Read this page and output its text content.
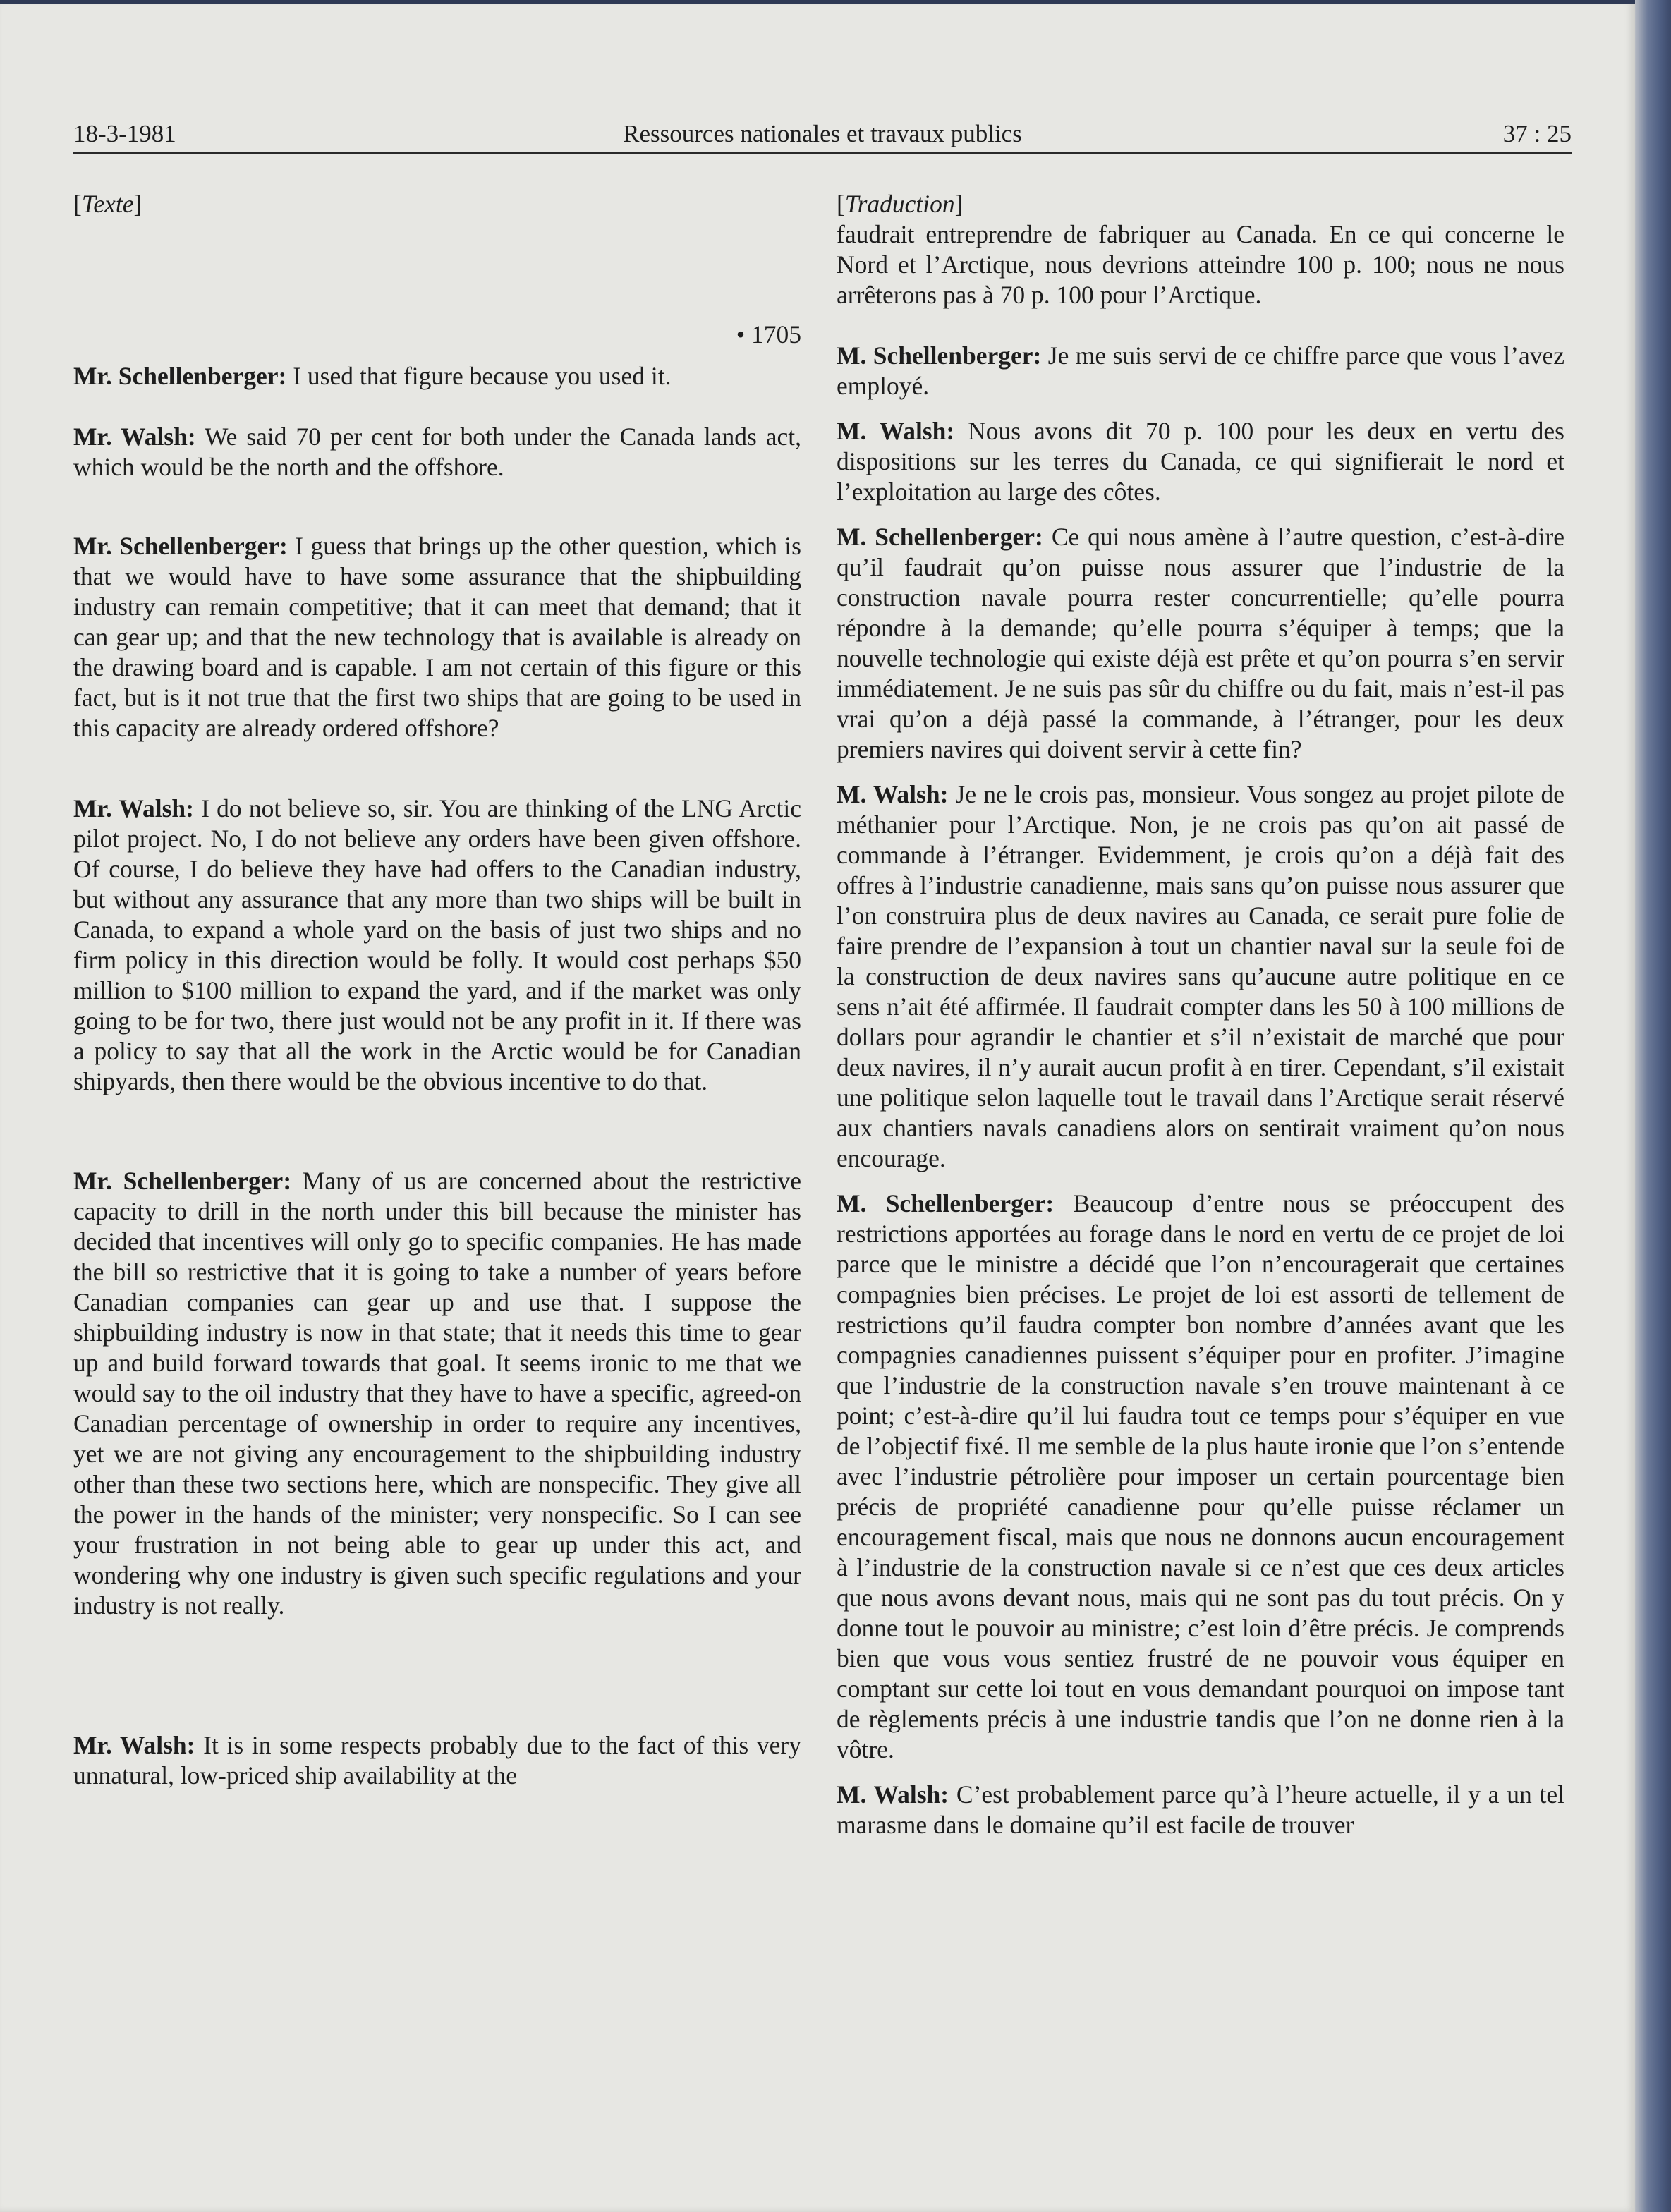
18-3-1981	Ressources nationales et travaux publics	37 : 25

[Texte]

• 1705

Mr. Schellenberger: I used that figure because you used it.

Mr. Walsh: We said 70 per cent for both under the Canada lands act, which would be the north and the offshore.

Mr. Schellenberger: I guess that brings up the other question, which is that we would have to have some assurance that the shipbuilding industry can remain competitive; that it can meet that demand; that it can gear up; and that the new technology that is available is already on the drawing board and is capable. I am not certain of this figure or this fact, but is it not true that the first two ships that are going to be used in this capacity are already ordered offshore?

Mr. Walsh: I do not believe so, sir. You are thinking of the LNG Arctic pilot project. No, I do not believe any orders have been given offshore. Of course, I do believe they have had offers to the Canadian industry, but without any assurance that any more than two ships will be built in Canada, to expand a whole yard on the basis of just two ships and no firm policy in this direction would be folly. It would cost perhaps $50 million to $100 million to expand the yard, and if the market was only going to be for two, there just would not be any profit in it. If there was a policy to say that all the work in the Arctic would be for Canadian shipyards, then there would be the obvious incentive to do that.

Mr. Schellenberger: Many of us are concerned about the restrictive capacity to drill in the north under this bill because the minister has decided that incentives will only go to specific companies. He has made the bill so restrictive that it is going to take a number of years before Canadian companies can gear up and use that. I suppose the shipbuilding industry is now in that state; that it needs this time to gear up and build forward towards that goal. It seems ironic to me that we would say to the oil industry that they have to have a specific, agreed-on Canadian percentage of ownership in order to require any incentives, yet we are not giving any encouragement to the shipbuilding industry other than these two sections here, which are nonspecific. They give all the power in the hands of the minister; very nonspecific. So I can see your frustration in not being able to gear up under this act, and wondering why one industry is given such specific regulations and your industry is not really.

Mr. Walsh: It is in some respects probably due to the fact of this very unnatural, low-priced ship availability at the

[Traduction]

faudrait entreprendre de fabriquer au Canada. En ce qui concerne le Nord et l’Arctique, nous devrions atteindre 100 p. 100; nous ne nous arrêterons pas à 70 p. 100 pour l’Arctique.

M. Schellenberger: Je me suis servi de ce chiffre parce que vous l’avez employé.

M. Walsh: Nous avons dit 70 p. 100 pour les deux en vertu des dispositions sur les terres du Canada, ce qui signifierait le nord et l’exploitation au large des côtes.

M. Schellenberger: Ce qui nous amène à l’autre question, c’est-à-dire qu’il faudrait qu’on puisse nous assurer que l’industrie de la construction navale pourra rester concurrentielle; qu’elle pourra répondre à la demande; qu’elle pourra s’équiper à temps; que la nouvelle technologie qui existe déjà est prête et qu’on pourra s’en servir immédiatement. Je ne suis pas sûr du chiffre ou du fait, mais n’est-il pas vrai qu’on a déjà passé la commande, à l’étranger, pour les deux premiers navires qui doivent servir à cette fin?

M. Walsh: Je ne le crois pas, monsieur. Vous songez au projet pilote de méthanier pour l’Arctique. Non, je ne crois pas qu’on ait passé de commande à l’étranger. Evidemment, je crois qu’on a déjà fait des offres à l’industrie canadienne, mais sans qu’on puisse nous assurer que l’on construira plus de deux navires au Canada, ce serait pure folie de faire prendre de l’expansion à tout un chantier naval sur la seule foi de la construction de deux navires sans qu’aucune autre politique en ce sens n’ait été affirmée. Il faudrait compter dans les 50 à 100 millions de dollars pour agrandir le chantier et s’il n’existait de marché que pour deux navires, il n’y aurait aucun profit à en tirer. Cependant, s’il existait une politique selon laquelle tout le travail dans l’Arctique serait réservé aux chantiers navals canadiens alors on sentirait vraiment qu’on nous encourage.

M. Schellenberger: Beaucoup d’entre nous se préoccupent des restrictions apportées au forage dans le nord en vertu de ce projet de loi parce que le ministre a décidé que l’on n’encouragerait que certaines compagnies bien précises. Le projet de loi est assorti de tellement de restrictions qu’il faudra compter bon nombre d’années avant que les compagnies canadiennes puissent s’équiper pour en profiter. J’imagine que l’industrie de la construction navale s’en trouve maintenant à ce point; c’est-à-dire qu’il lui faudra tout ce temps pour s’équiper en vue de l’objectif fixé. Il me semble de la plus haute ironie que l’on s’entende avec l’industrie pétrolière pour imposer un certain pourcentage bien précis de propriété canadienne pour qu’elle puisse réclamer un encouragement fiscal, mais que nous ne donnons aucun encouragement à l’industrie de la construction navale si ce n’est que ces deux articles que nous avons devant nous, mais qui ne sont pas du tout précis. On y donne tout le pouvoir au ministre; c’est loin d’être précis. Je comprends bien que vous vous sentiez frustré de ne pouvoir vous équiper en comptant sur cette loi tout en vous demandant pourquoi on impose tant de règlements précis à une industrie tandis que l’on ne donne rien à la vôtre.

M. Walsh: C’est probablement parce qu’à l’heure actuelle, il y a un tel marasme dans le domaine qu’il est facile de trouver
